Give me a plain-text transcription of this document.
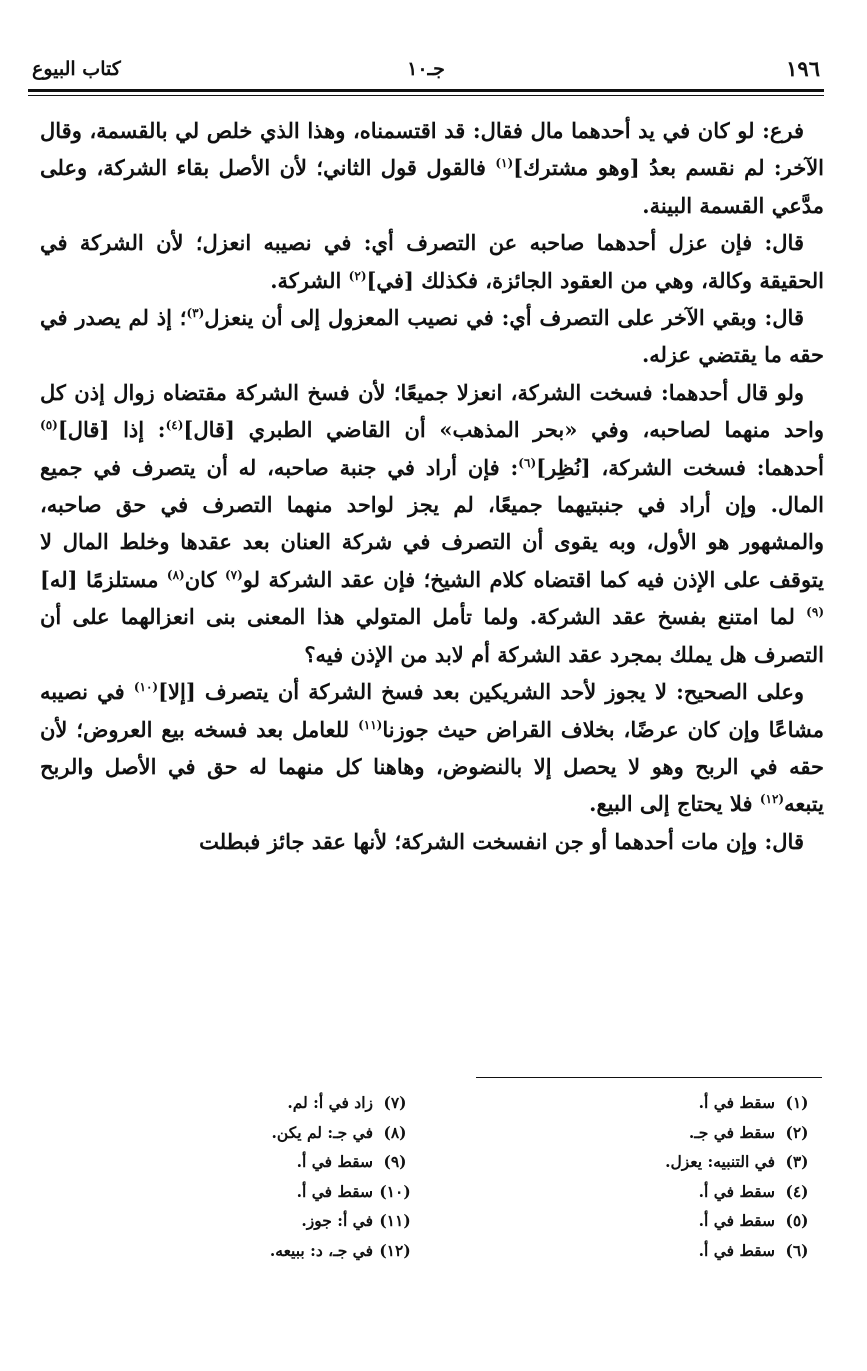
١٩٦
جـ١٠
كتاب البيوع

فرع: لو كان في يد أحدهما مال فقال: قد اقتسمناه، وهذا الذي خلص لي بالقسمة، وقال الآخر: لم نقسم بعدُ [وهو مشترك]$^{(١)}$ فالقول قول الثاني؛ لأن الأصل بقاء الشركة، وعلى مدَّعي القسمة البينة.

قال: فإن عزل أحدهما صاحبه عن التصرف أي: في نصيبه انعزل؛ لأن الشركة في الحقيقة وكالة، وهي من العقود الجائزة، فكذلك [في]$^{(٢)}$ الشركة.

قال: وبقي الآخر على التصرف أي: في نصيب المعزول إلى أن ينعزل$^{(٣)}$؛ إذ لم يصدر في حقه ما يقتضي عزله.

ولو قال أحدهما: فسخت الشركة، انعزلا جميعًا؛ لأن فسخ الشركة مقتضاه زوال إذن كل واحد منهما لصاحبه، وفي «بحر المذهب» أن القاضي الطبري [قال]$^{(٤)}$: إذا [قال]$^{(٥)}$ أحدهما: فسخت الشركة، [نُظِر]$^{(٦)}$: فإن أراد في جنبة صاحبه، له أن يتصرف في جميع المال. وإن أراد في جنبتيهما جميعًا، لم يجز لواحد منهما التصرف في حق صاحبه، والمشهور هو الأول، وبه يقوى أن التصرف في شركة العنان بعد عقدها وخلط المال لا يتوقف على الإذن فيه كما اقتضاه كلام الشيخ؛ فإن عقد الشركة لو$^{(٧)}$ كان$^{(٨)}$ مستلزمًا [له]$^{(٩)}$ لما امتنع بفسخ عقد الشركة. ولما تأمل المتولي هذا المعنى بنى انعزالهما على أن التصرف هل يملك بمجرد عقد الشركة أم لابد من الإذن فيه؟

وعلى الصحيح: لا يجوز لأحد الشريكين بعد فسخ الشركة أن يتصرف [إلا]$^{(١٠)}$ في نصيبه مشاعًا وإن كان عرضًا، بخلاف القراض حيث جوزنا$^{(١١)}$ للعامل بعد فسخه بيع العروض؛ لأن حقه في الربح وهو لا يحصل إلا بالنضوض، وهاهنا كل منهما له حق في الأصل والربح يتبعه$^{(١٢)}$ فلا يحتاج إلى البيع.

قال: وإن مات أحدهما أو جن انفسخت الشركة؛ لأنها عقد جائز فبطلت

(١)
سقط في أ.
(٢)
سقط في جـ.
(٣)
في التنبيه: يعزل.
(٤)
سقط في أ.
(٥)
سقط في أ.
(٦)
سقط في أ.
(٧)
زاد في أ: لم.
(٨)
في جـ: لم يكن.
(٩)
سقط في أ.
(١٠)
سقط في أ.
(١١)
في أ: جوز.
(١٢)
في جـ، د: ببيعه.
